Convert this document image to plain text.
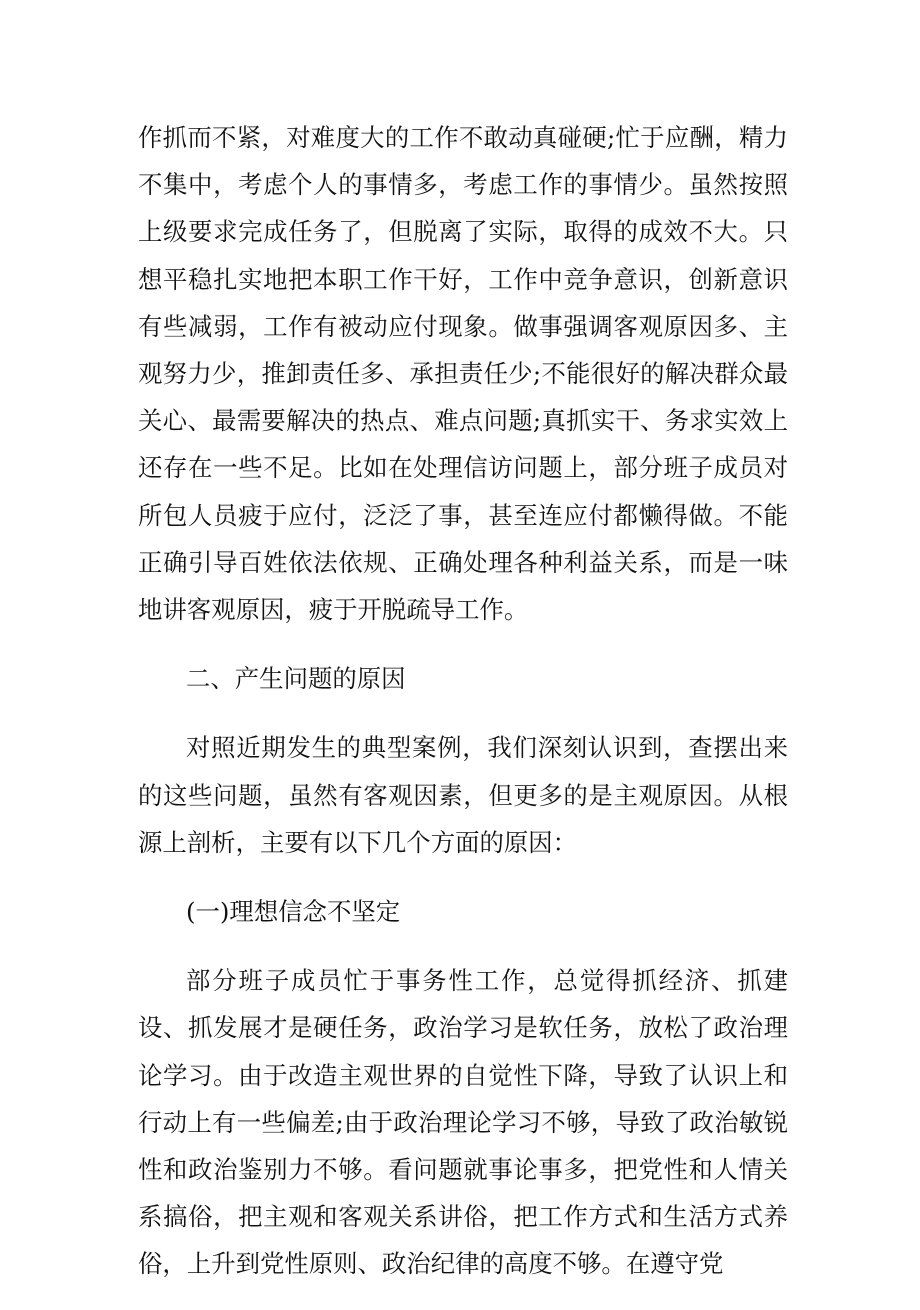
作抓而不紧，对难度大的工作不敢动真碰硬;忙于应酬，精力不集中，考虑个人的事情多，考虑工作的事情少。虽然按照上级要求完成任务了，但脱离了实际，取得的成效不大。只想平稳扎实地把本职工作干好，工作中竞争意识，创新意识有些减弱，工作有被动应付现象。做事强调客观原因多、主观努力少，推卸责任多、承担责任少;不能很好的解决群众最关心、最需要解决的热点、难点问题;真抓实干、务求实效上还存在一些不足。比如在处理信访问题上，部分班子成员对所包人员疲于应付，泛泛了事，甚至连应付都懒得做。不能正确引导百姓依法依规、正确处理各种利益关系，而是一味地讲客观原因，疲于开脱疏导工作。

二、产生问题的原因

对照近期发生的典型案例，我们深刻认识到，查摆出来的这些问题，虽然有客观因素，但更多的是主观原因。从根源上剖析，主要有以下几个方面的原因：

(一)理想信念不坚定

部分班子成员忙于事务性工作，总觉得抓经济、抓建设、抓发展才是硬任务，政治学习是软任务，放松了政治理论学习。由于改造主观世界的自觉性下降，导致了认识上和行动上有一些偏差;由于政治理论学习不够，导致了政治敏锐性和政治鉴别力不够。看问题就事论事多，把党性和人情关系搞俗，把主观和客观关系讲俗，把工作方式和生活方式养俗，上升到党性原则、政治纪律的高度不够。在遵守党
